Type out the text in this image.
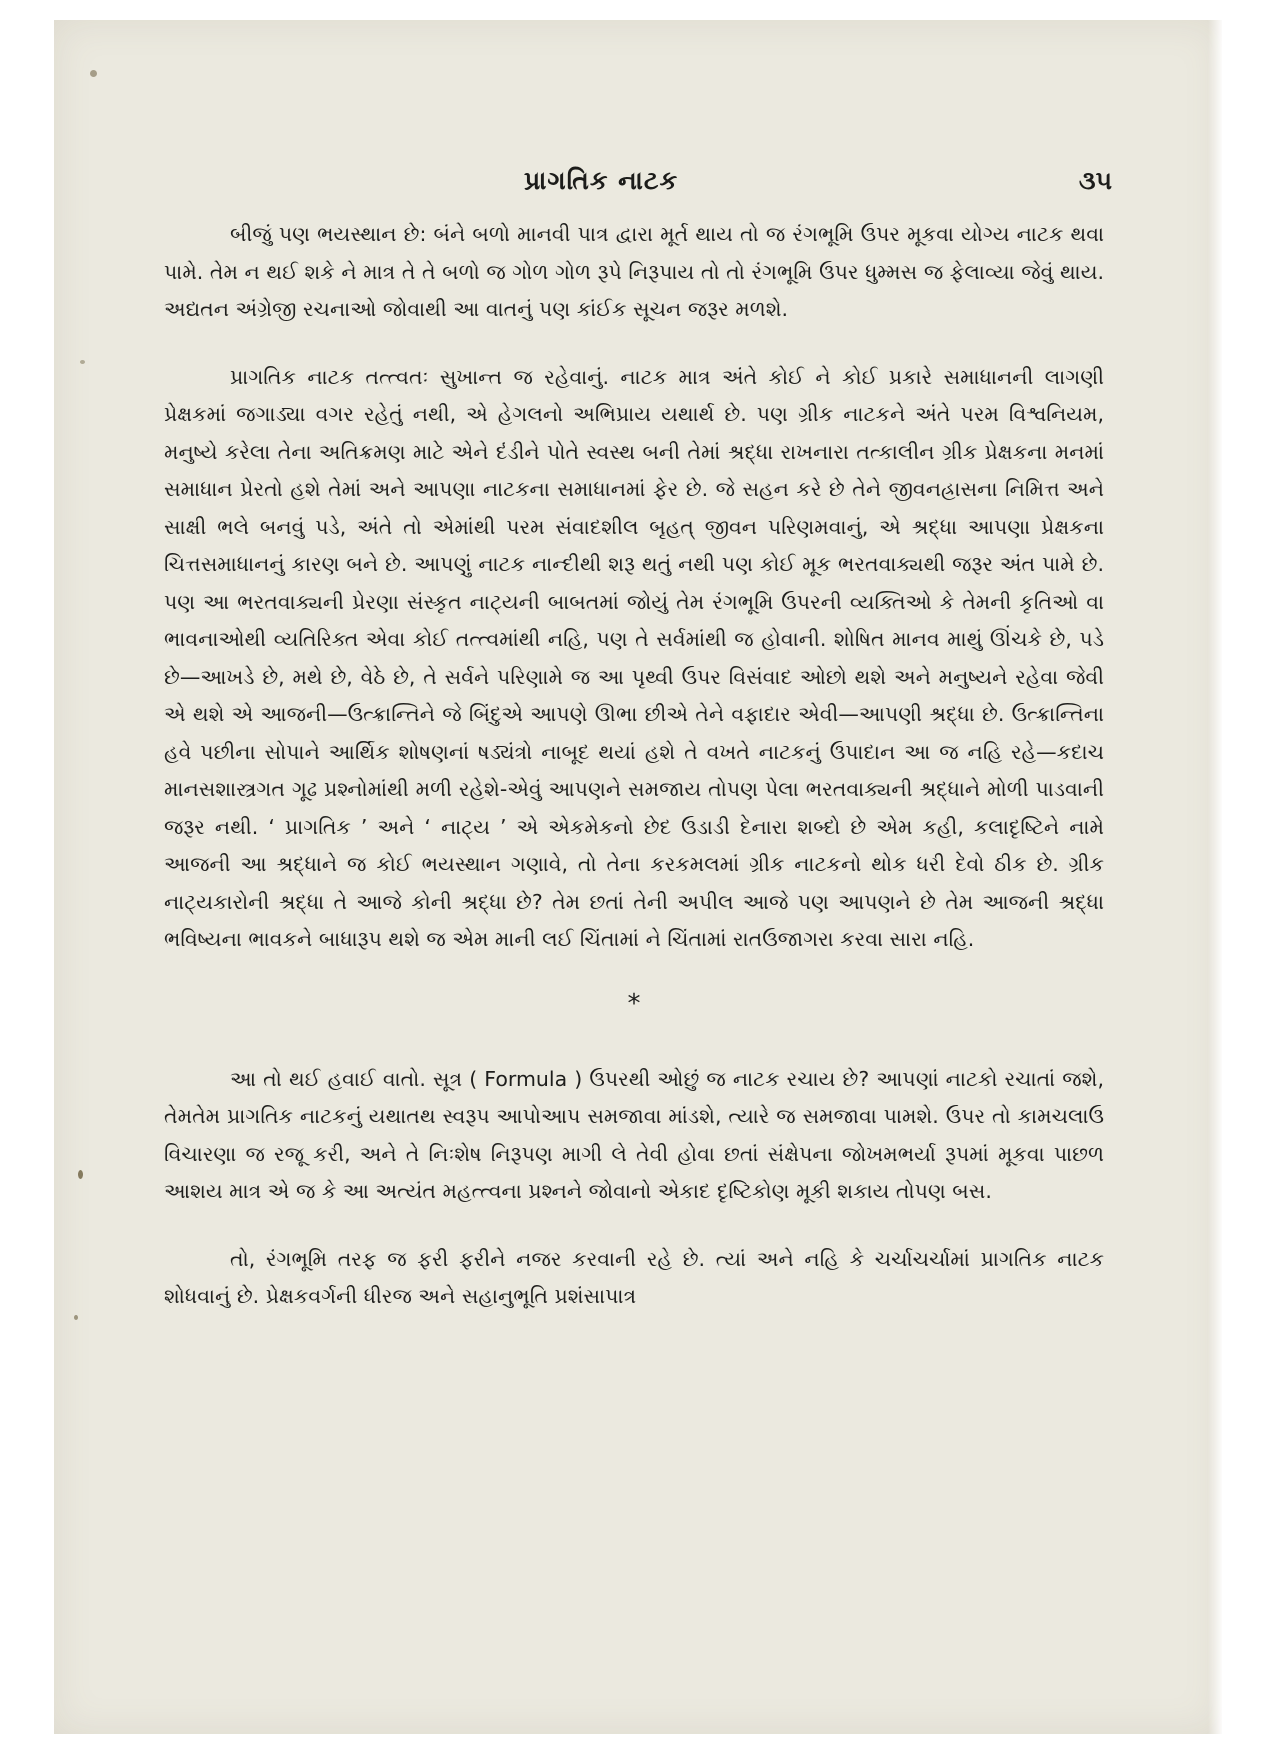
પ્રાગતિક નાટક	૩૫

બીજું પણ ભયસ્થાન છે: બંને બળો માનવી પાત્ર દ્વારા મૂર્ત થાય તો જ રંગભૂમિ ઉપર મૂકવા યોગ્ય નાટક થવા પામે. તેમ ન થઈ શકે ને માત્ર તે તે બળો જ ગોળ ગોળ રૂપે નિરૂપાય તો તો રંગભૂમિ ઉપર ધુમ્મસ જ ફેલાવ્યા જેવું થાય. અદ્યતન અંગ્રેજી રચનાઓ જોવાથી આ વાતનું પણ કાંઈક સૂચન જરૂર મળશે.

પ્રાગતિક નાટક તત્ત્વતઃ સુખાન્ત જ રહેવાનું. નાટક માત્ર અંતે કોઈ ને કોઈ પ્રકારે સમાધાનની લાગણી પ્રેક્ષકમાં જગાડ્યા વગર રહેતું નથી, એ હેગલનો અભિપ્રાય યથાર્થ છે. પણ ગ્રીક નાટકને અંતે પરમ વિશ્વનિયમ, મનુષ્યે કરેલા તેના અતિક્રમણ માટે એને દંડીને પોતે સ્વસ્થ બની તેમાં શ્રદ્ધા રાખનારા તત્કાલીન ગ્રીક પ્રેક્ષકના મનમાં સમાધાન પ્રેરતો હશે તેમાં અને આપણા નાટકના સમાધાનમાં ફેર છે. જે સહન કરે છે તેને જીવનહ્રાસના નિમિત્ત અને સાક્ષી ભલે બનવું પડે, અંતે તો એમાંથી પરમ સંવાદશીલ બૃહત્ જીવન પરિણમવાનું, એ શ્રદ્ધા આપણા પ્રેક્ષકના ચિત્તસમાધાનનું કારણ બને છે. આપણું નાટક નાન્દીથી શરૂ થતું નથી પણ કોઈ મૂક ભરતવાક્યથી જરૂર અંત પામે છે. પણ આ ભરતવાક્યની પ્રેરણા સંસ્કૃત નાટ્યની બાબતમાં જોયું તેમ રંગભૂમિ ઉપરની વ્યક્તિઓ કે તેમની કૃતિઓ વા ભાવનાઓથી વ્યતિરિક્ત એવા કોઈ તત્ત્વમાંથી નહિ, પણ તે સર્વમાંથી જ હોવાની. શોષિત માનવ માથું ઊંચકે છે, પડે છે—આખડે છે, મથે છે, વેઠે છે, તે સર્વને પરિણામે જ આ પૃથ્વી ઉપર વિસંવાદ ઓછો થશે અને મનુષ્યને રહેવા જેવી એ થશે એ આજની—ઉત્ક્રાન્તિને જે બિંદુએ આપણે ઊભા છીએ તેને વફાદાર એવી—આપણી શ્રદ્ધા છે. ઉત્ક્રાન્તિના હવે પછીના સોપાને આર્થિક શોષણનાં ષડ્યંત્રો નાબૂદ થયાં હશે તે વખતે નાટકનું ઉપાદાન આ જ નહિ રહે—કદાચ માનસશાસ્ત્રગત ગૂઢ પ્રશ્નોમાંથી મળી રહેશે-એવું આપણને સમજાય તોપણ પેલા ભરતવાક્યની શ્રદ્ધાને મોળી પાડવાની જરૂર નથી. ‘ પ્રાગતિક ’ અને ‘ નાટ્ય ’ એ એકમેકનો છેદ ઉડાડી દેનારા શબ્દો છે એમ કહી, કલાદૃષ્ટિને નામે આજની આ શ્રદ્ધાને જ કોઈ ભયસ્થાન ગણાવે, તો તેના કરકમલમાં ગ્રીક નાટકનો થોક ધરી દેવો ઠીક છે. ગ્રીક નાટ્યકારોની શ્રદ્ધા તે આજે કોની શ્રદ્ધા છે? તેમ છતાં તેની અપીલ આજે પણ આપણને છે તેમ આજની શ્રદ્ધા ભવિષ્યના ભાવકને બાધારૂપ થશે જ એમ માની લઈ ચિંતામાં ને ચિંતામાં રાતઉજાગરા કરવા સારા નહિ.

*

આ તો થઈ હવાઈ વાતો. સૂત્ર ( Formula ) ઉપરથી ઓછું જ નાટક રચાય છે? આપણાં નાટકો રચાતાં જશે, તેમતેમ પ્રાગતિક નાટકનું યથાતથ સ્વરૂપ આપોઆપ સમજાવા માંડશે, ત્યારે જ સમજાવા પામશે. ઉપર તો કામચલાઉ વિચારણા જ રજૂ કરી, અને તે નિઃશેષ નિરૂપણ માગી લે તેવી હોવા છતાં સંક્ષેપના જોખમભર્યા રૂપમાં મૂકવા પાછળ આશય માત્ર એ જ કે આ અત્યંત મહત્ત્વના પ્રશ્નને જોવાનો એકાદ દૃષ્ટિકોણ મૂકી શકાય તોપણ બસ.

તો, રંગભૂમિ તરફ જ ફરી ફરીને નજર કરવાની રહે છે. ત્યાં અને નહિ કે ચર્ચાચર્ચામાં પ્રાગતિક નાટક શોધવાનું છે. પ્રેક્ષકવર્ગની ધીરજ અને સહાનુભૂતિ પ્રશંસાપાત્ર
